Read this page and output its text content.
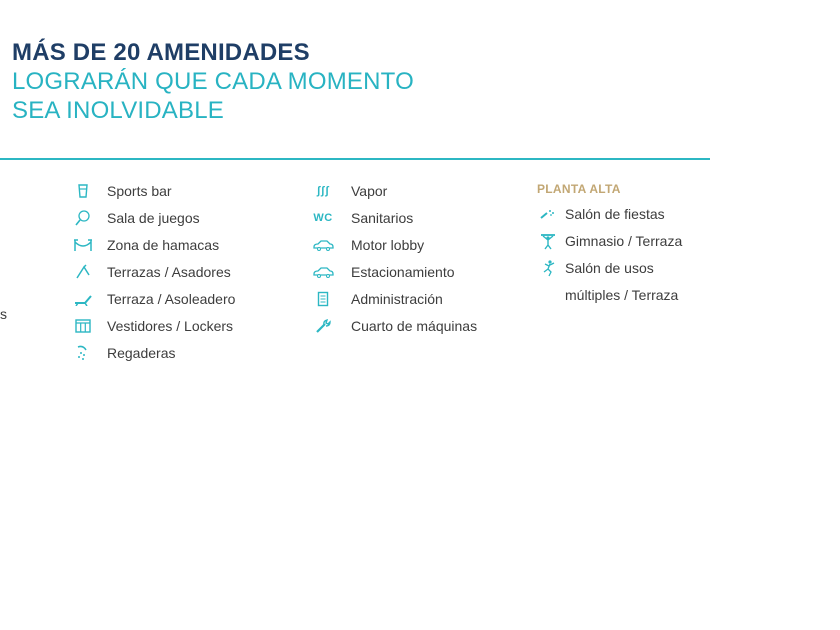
MÁS DE 20 AMENIDADES
LOGRARÁN QUE CADA MOMENTO
SEA INOLVIDABLE
s
Sports bar
Sala de juegos
Zona de hamacas
Terrazas / Asadores
Terraza / Asoleadero
Vestidores / Lockers
Regaderas
ʃʃʃ	Vapor
WC Sanitarios
Motor lobby
Estacionamiento
Administración
Cuarto de máquinas
PLANTA ALTA
Salón de fiestas
Gimnasio / Terraza
Salón de usos
múltiples / Terraza
